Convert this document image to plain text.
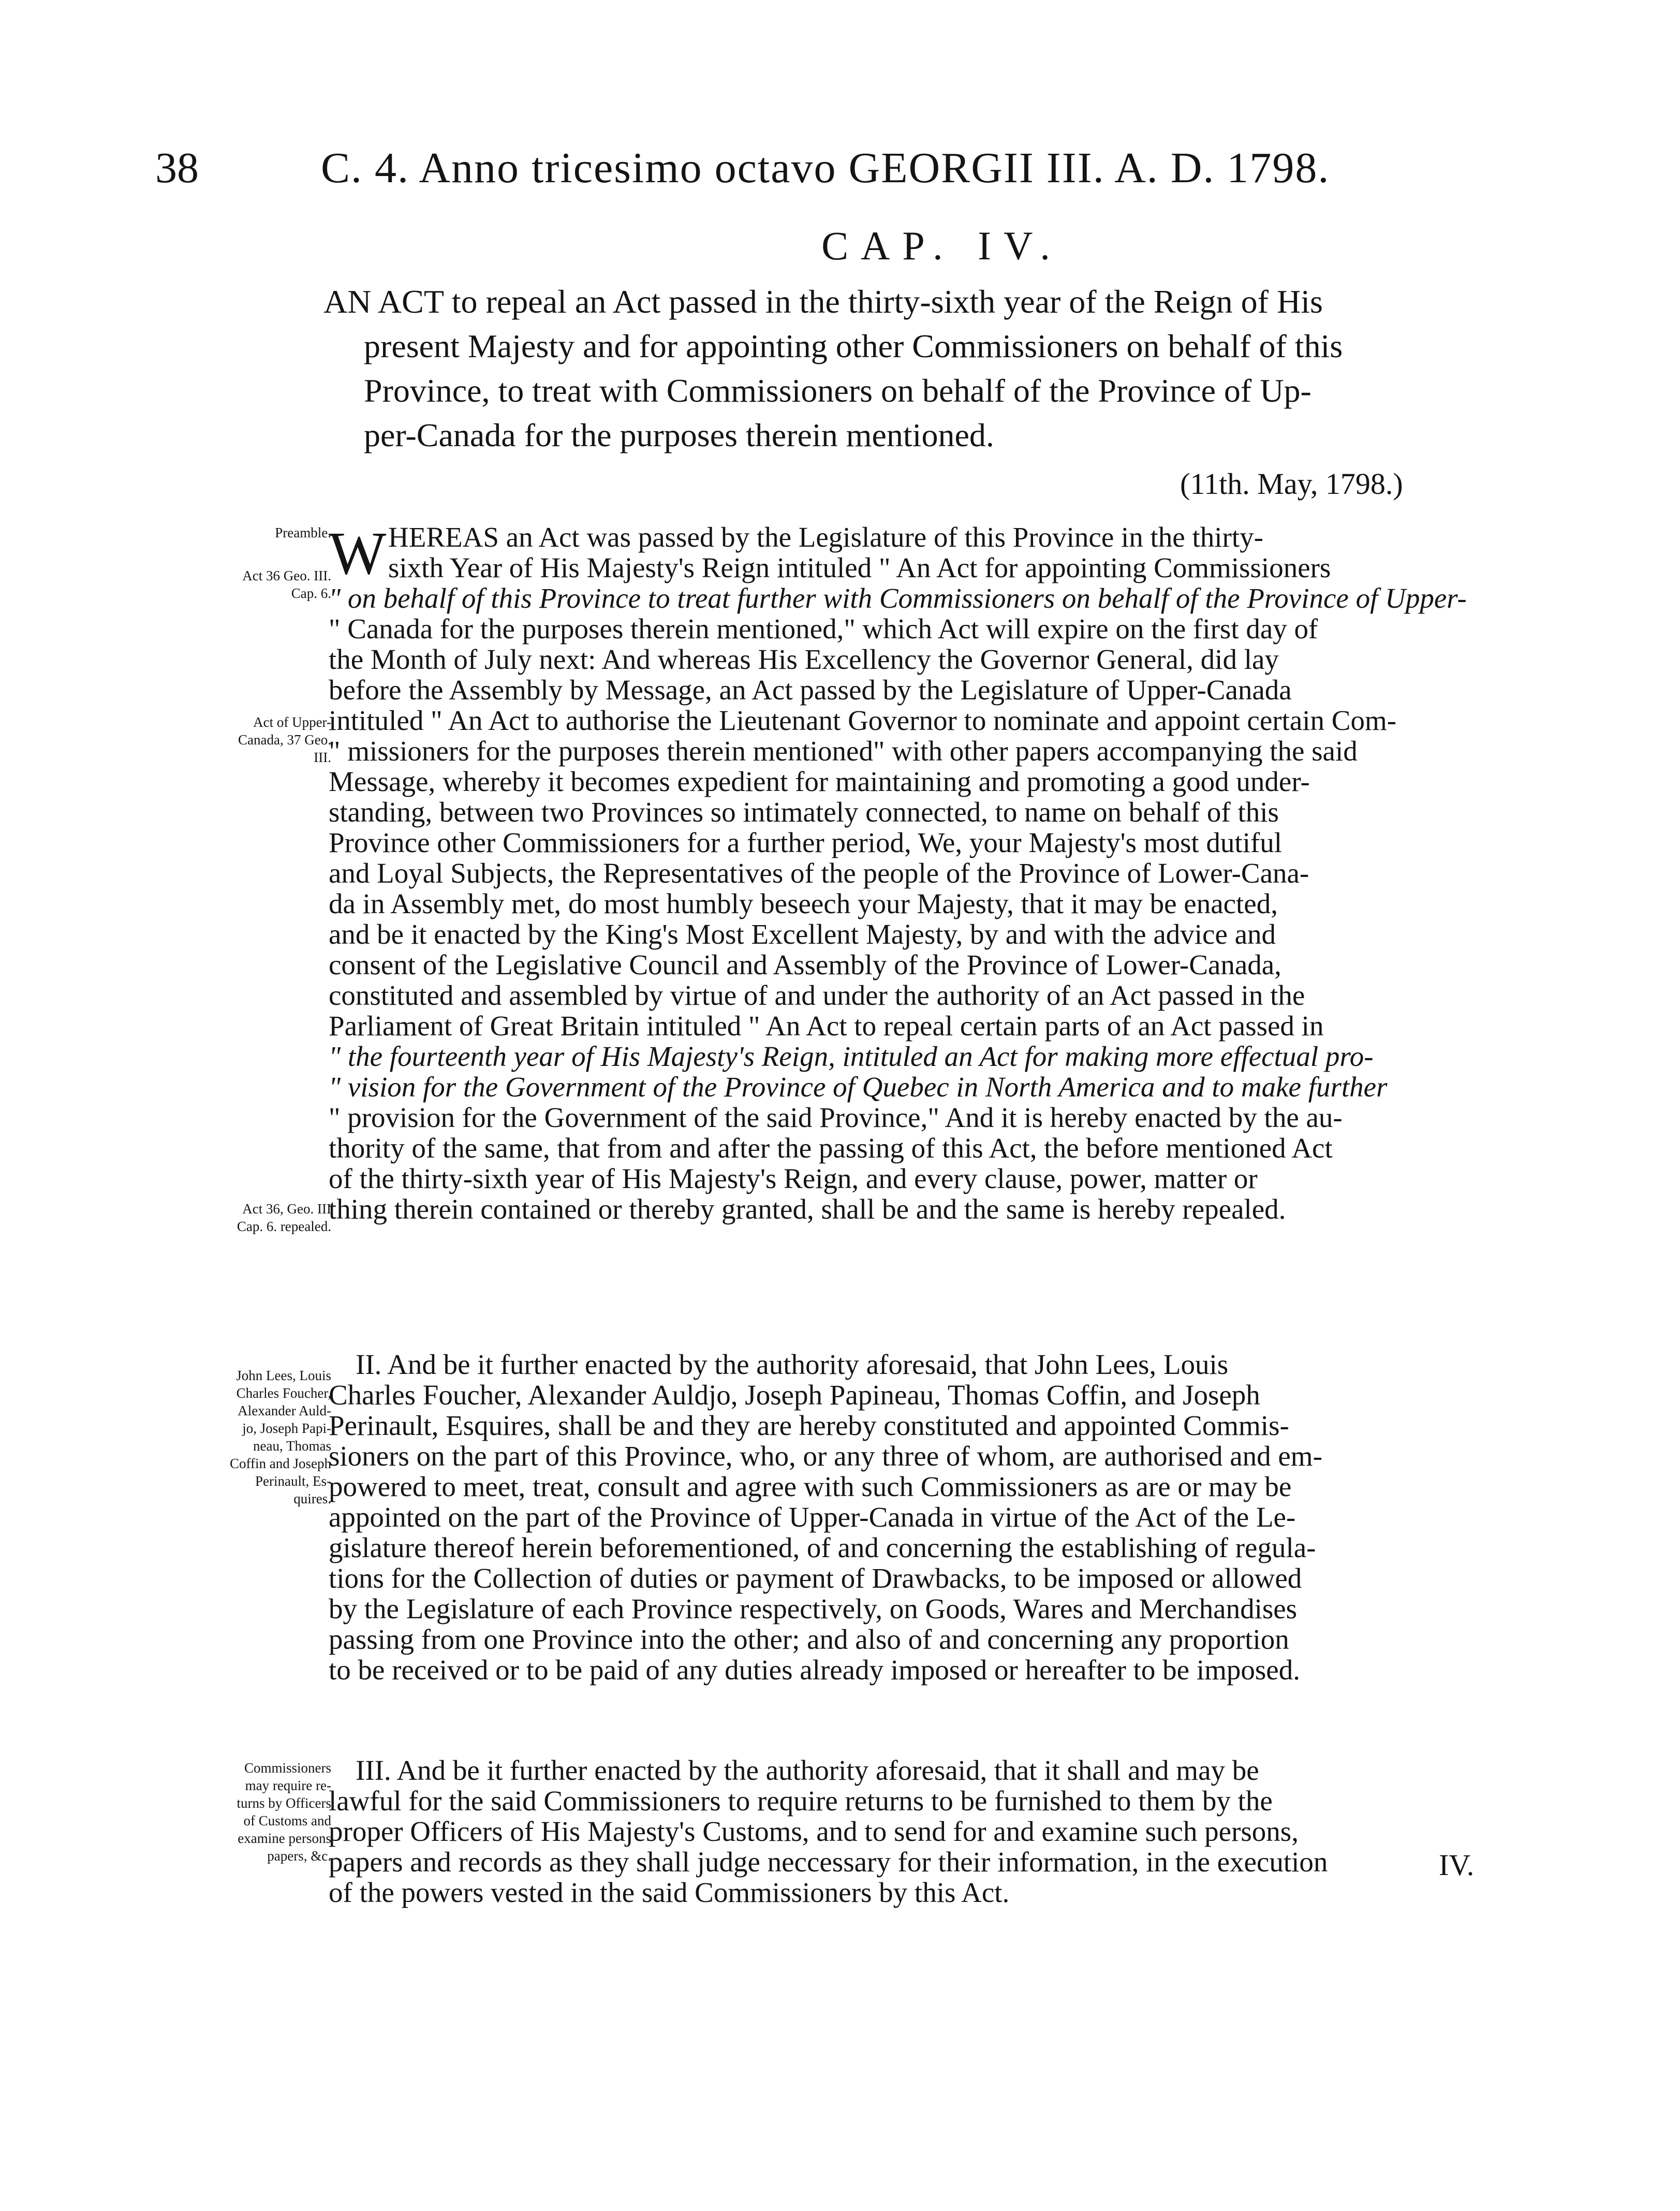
38	C. 4. Anno tricesimo octavo GEORGII III. A. D. 1798.
CAP. IV.
AN ACT to repeal an Act passed in the thirty-sixth year of the Reign of His
present Majesty and for appointing other Commissioners on behalf of this
Province, to treat with Commissioners on behalf of the Province of Up-
per-Canada for the purposes therein mentioned.
(11th. May, 1798.)
Preamble.
Act 36 Geo. III.
Cap. 6.
Act of Upper-
Canada, 37 Geo.
III.
Act 36, Geo. III
Cap. 6. repealed.
John Lees, Louis
Charles Foucher,
Alexander Auld-
jo, Joseph Papi-
neau, Thomas
Coffin and Joseph
Perinault, Es-
quires.
Commissioners
may require re-
turns by Officers
of Customs and
examine persons
papers, &c.
W HEREAS an Act was passed by the Legislature of this Province in the thirty-
sixth Year of His Majesty's Reign intituled " An Act for appointing Commissioners
" on behalf of this Province to treat further with Commissioners on behalf of the Province of Upper-
" Canada for the purposes therein mentioned," which Act will expire on the first day of
the Month of July next: And whereas His Excellency the Governor General, did lay
before the Assembly by Message, an Act passed by the Legislature of Upper-Canada
intituled " An Act to authorise the Lieutenant Governor to nominate and appoint certain Com-
" missioners for the purposes therein mentioned" with other papers accompanying the said
Message, whereby it becomes expedient for maintaining and promoting a good under-
standing, between two Provinces so intimately connected, to name on behalf of this
Province other Commissioners for a further period, We, your Majesty's most dutiful
and Loyal Subjects, the Representatives of the people of the Province of Lower-Cana-
da in Assembly met, do most humbly beseech your Majesty, that it may be enacted,
and be it enacted by the King's Most Excellent Majesty, by and with the advice and
consent of the Legislative Council and Assembly of the Province of Lower-Canada,
constituted and assembled by virtue of and under the authority of an Act passed in the
Parliament of Great Britain intituled " An Act to repeal certain parts of an Act passed in
" the fourteenth year of His Majesty's Reign, intituled an Act for making more effectual pro-
" vision for the Government of the Province of Quebec in North America and to make further
" provision for the Government of the said Province," And it is hereby enacted by the au-
thority of the same, that from and after the passing of this Act, the before mentioned Act
of the thirty-sixth year of His Majesty's Reign, and every clause, power, matter or
thing therein contained or thereby granted, shall be and the same is hereby repealed.
II. And be it further enacted by the authority aforesaid, that John Lees, Louis
Charles Foucher, Alexander Auldjo, Joseph Papineau, Thomas Coffin, and Joseph
Perinault, Esquires, shall be and they are hereby constituted and appointed Commis-
sioners on the part of this Province, who, or any three of whom, are authorised and em-
powered to meet, treat, consult and agree with such Commissioners as are or may be
appointed on the part of the Province of Upper-Canada in virtue of the Act of the Le-
gislature thereof herein beforementioned, of and concerning the establishing of regula-
tions for the Collection of duties or payment of Drawbacks, to be imposed or allowed
by the Legislature of each Province respectively, on Goods, Wares and Merchandises
passing from one Province into the other; and also of and concerning any proportion
to be received or to be paid of any duties already imposed or hereafter to be imposed.
III. And be it further enacted by the authority aforesaid, that it shall and may be
lawful for the said Commissioners to require returns to be furnished to them by the
proper Officers of His Majesty's Customs, and to send for and examine such persons,
papers and records as they shall judge neccessary for their information, in the execution
of the powers vested in the said Commissioners by this Act.
IV.
